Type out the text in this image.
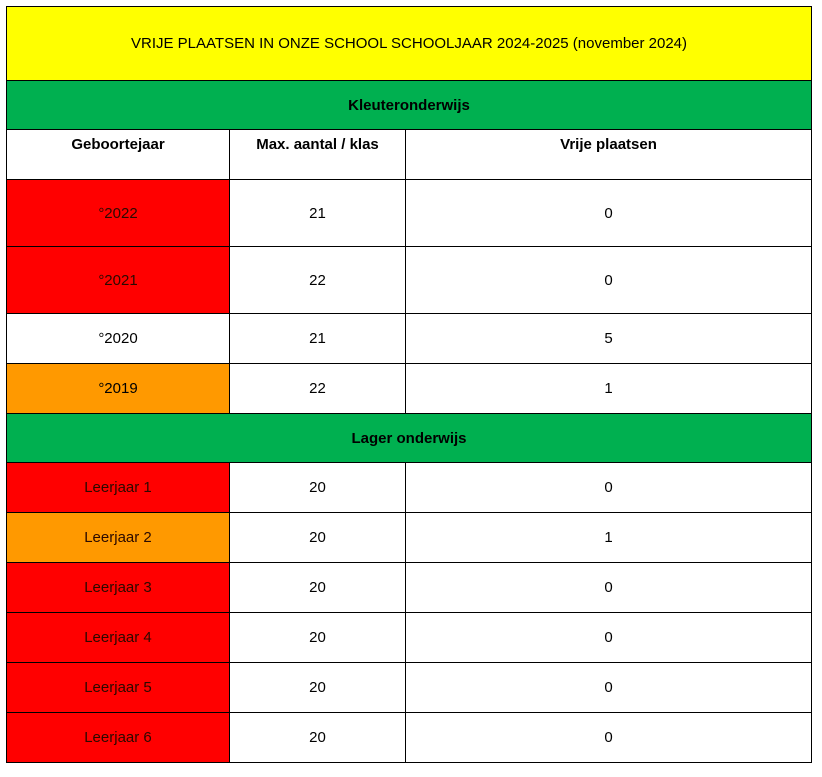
VRIJE PLAATSEN IN ONZE SCHOOL SCHOOLJAAR 2024-2025 (november 2024)		
Kleuteronderwijs		
Geboortejaar	Max. aantal / klas	Vrije plaatsen
°2022	21	0
°2021	22	0
°2020	21	5
°2019	22	1
Lager onderwijs		
Leerjaar 1	20	0
Leerjaar 2	20	1
Leerjaar 3	20	0
Leerjaar 4	20	0
Leerjaar 5	20	0
Leerjaar 6	20	0
